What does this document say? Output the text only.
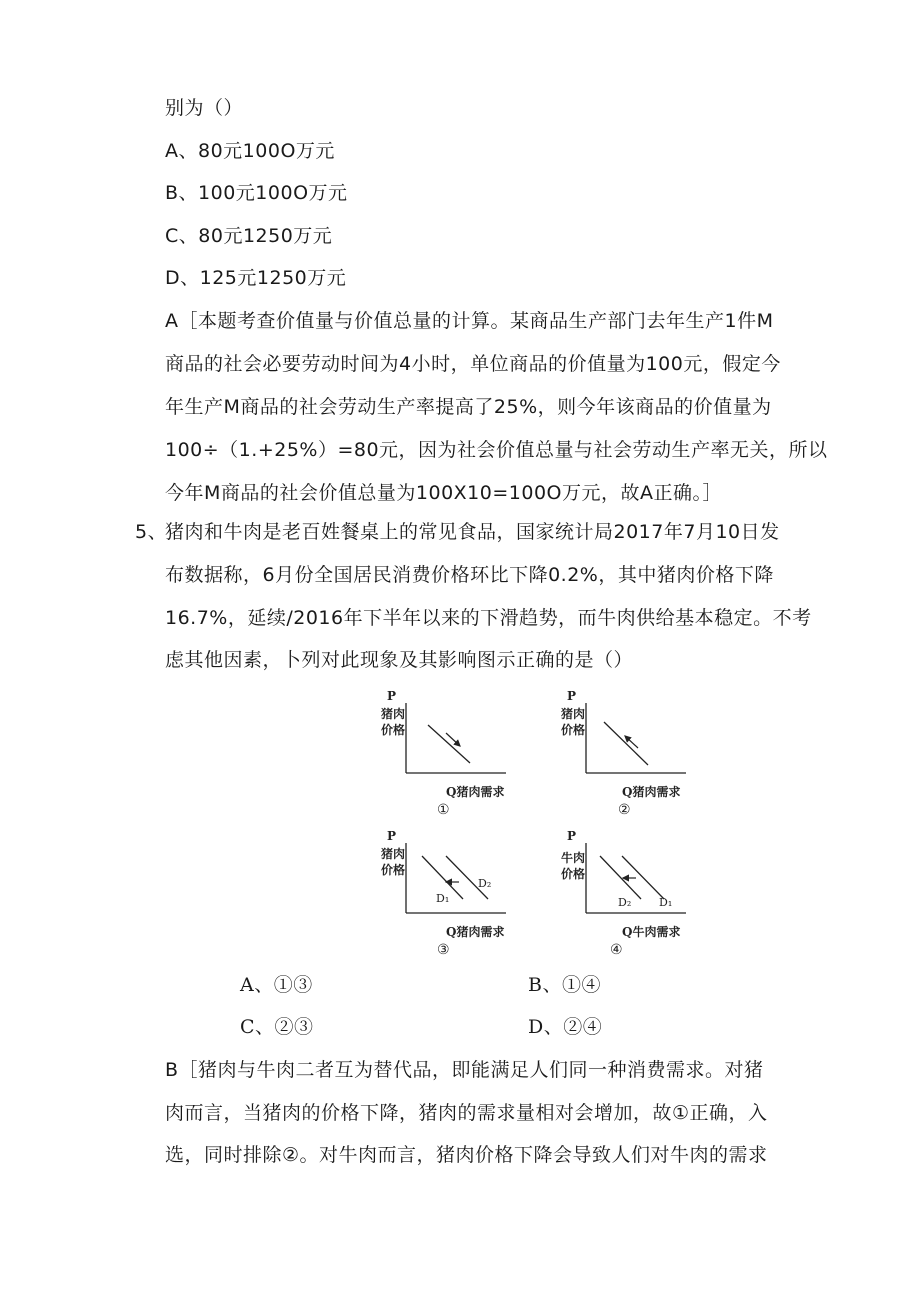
别为（）
A、80元100O万元
B、100元100O万元
C、80元1250万元
D、125元1250万元
A［本题考查价值量与价值总量的计算。某商品生产部门去年生产1件M
商品的社会必要劳动时间为4小时，单位商品的价值量为100元，假定今
年生产M商品的社会劳动生产率提高了25%，则今年该商品的价值量为
100÷（1.+25%）=80元，因为社会价值总量与社会劳动生产率无关，所以
今年M商品的社会价值总量为100X10=100O万元，故A正确。］
5、
猪肉和牛肉是老百姓餐桌上的常见食品，国家统计局2017年7月10日发
布数据称，6月份全国居民消费价格环比下降0.2%，其中猪肉价格下降
16.7%，延续/2016年下半年以来的下滑趋势，而牛肉供给基本稳定。不考
虑其他因素，卜列对此现象及其影响图示正确的是（）
P
猪肉
价格
Q猪肉需求
①
P
猪肉
价格
Q猪肉需求
②
P
猪肉
价格
D₁
D₂
Q猪肉需求
③
P
牛肉
价格
D₂	D₁
Q牛肉需求
④
A、①③	B、①④
C、②③	D、②④
B［猪肉与牛肉二者互为替代品，即能满足人们同一种消费需求。对猪
肉而言，当猪肉的价格下降，猪肉的需求量相对会增加，故①正确，入
选，同时排除②。对牛肉而言，猪肉价格下降会导致人们对牛肉的需求
